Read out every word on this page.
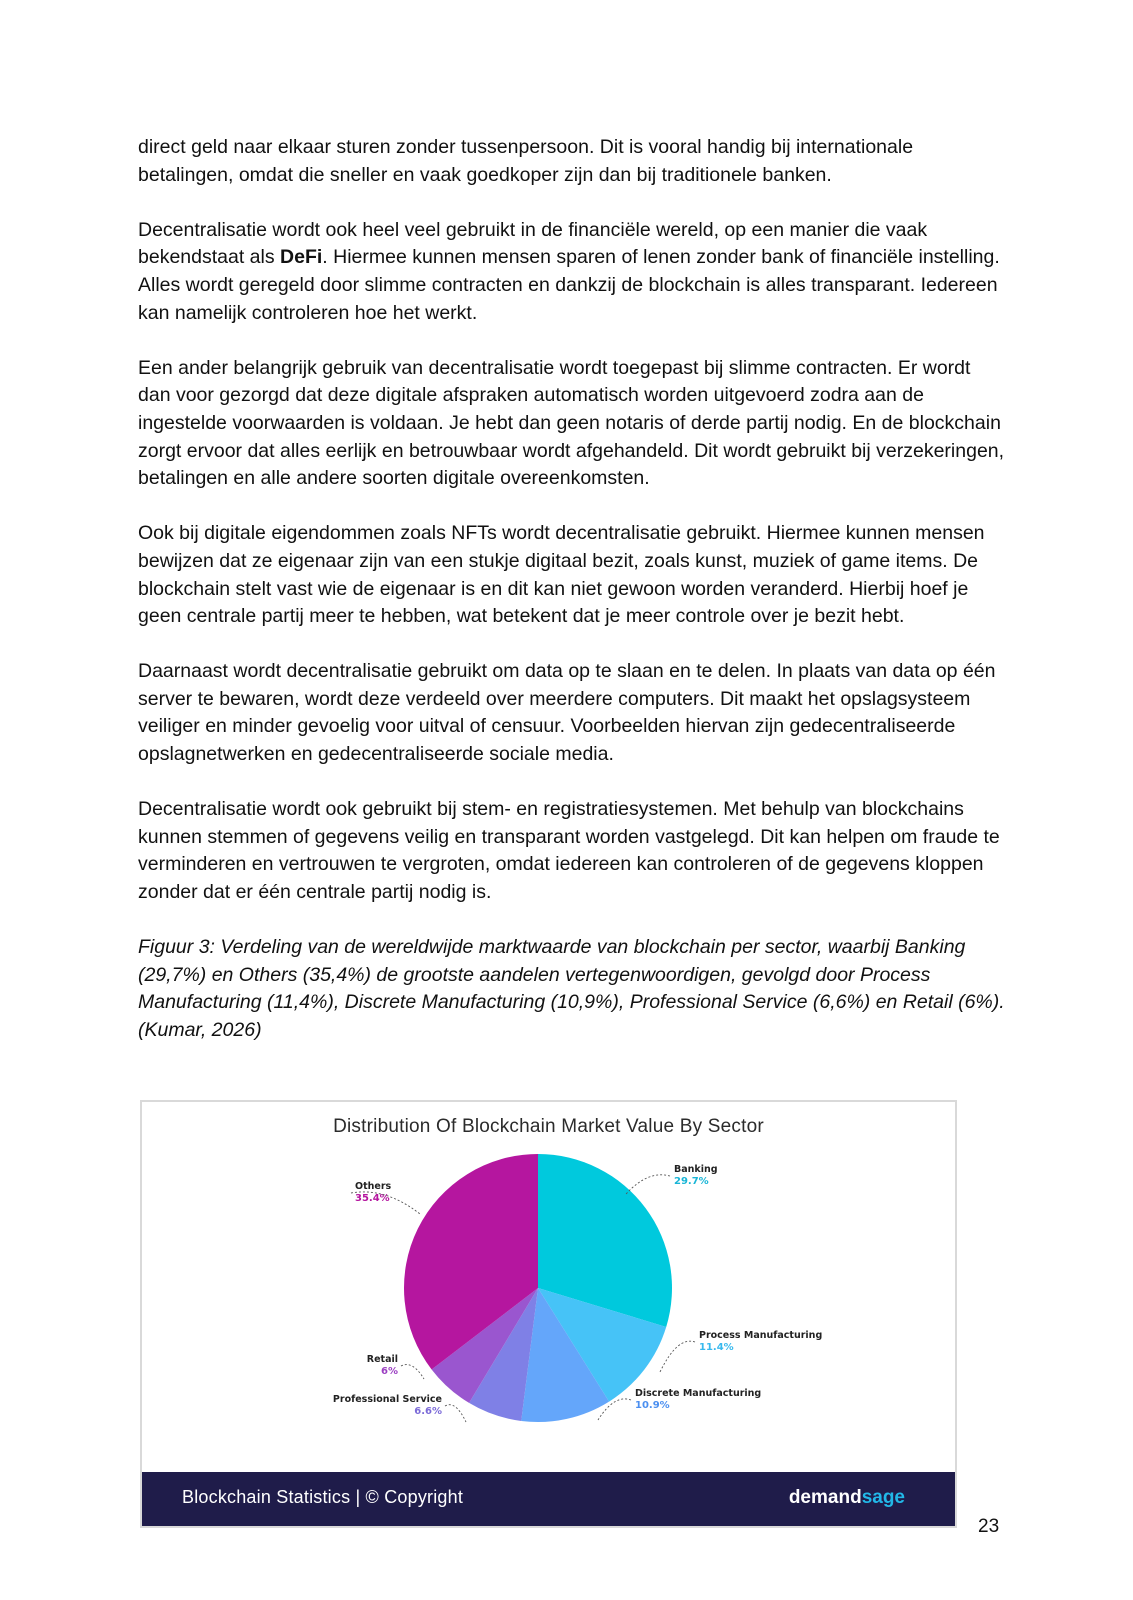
direct geld naar elkaar sturen zonder tussenpersoon. Dit is vooral handig bij internationale betalingen, omdat die sneller en vaak goedkoper zijn dan bij traditionele banken.

Decentralisatie wordt ook heel veel gebruikt in de financiële wereld, op een manier die vaak bekendstaat als DeFi. Hiermee kunnen mensen sparen of lenen zonder bank of financiële instelling. Alles wordt geregeld door slimme contracten en dankzij de blockchain is alles transparant. Iedereen kan namelijk controleren hoe het werkt.

Een ander belangrijk gebruik van decentralisatie wordt toegepast bij slimme contracten. Er wordt dan voor gezorgd dat deze digitale afspraken automatisch worden uitgevoerd zodra aan de ingestelde voorwaarden is voldaan. Je hebt dan geen notaris of derde partij nodig. En de blockchain zorgt ervoor dat alles eerlijk en betrouwbaar wordt afgehandeld. Dit wordt gebruikt bij verzekeringen, betalingen en alle andere soorten digitale overeenkomsten.

Ook bij digitale eigendommen zoals NFTs wordt decentralisatie gebruikt. Hiermee kunnen mensen bewijzen dat ze eigenaar zijn van een stukje digitaal bezit, zoals kunst, muziek of game items. De blockchain stelt vast wie de eigenaar is en dit kan niet gewoon worden veranderd. Hierbij hoef je geen centrale partij meer te hebben, wat betekent dat je meer controle over je bezit hebt.

Daarnaast wordt decentralisatie gebruikt om data op te slaan en te delen. In plaats van data op één server te bewaren, wordt deze verdeeld over meerdere computers. Dit maakt het opslagsysteem veiliger en minder gevoelig voor uitval of censuur. Voorbeelden hiervan zijn gedecentraliseerde opslagnetwerken en gedecentraliseerde sociale media.

Decentralisatie wordt ook gebruikt bij stem- en registratiesystemen. Met behulp van blockchains kunnen stemmen of gegevens veilig en transparant worden vastgelegd. Dit kan helpen om fraude te verminderen en vertrouwen te vergroten, omdat iedereen kan controleren of de gegevens kloppen zonder dat er één centrale partij nodig is.

Figuur 3: Verdeling van de wereldwijde marktwaarde van blockchain per sector, waarbij Banking (29,7%) en Others (35,4%) de grootste aandelen vertegenwoordigen, gevolgd door Process Manufacturing (11,4%), Discrete Manufacturing (10,9%), Professional Service (6,6%) en Retail (6%). (Kumar, 2026)

Distribution Of Blockchain Market Value By Sector
Banking
29.7%
Process Manufacturing
11.4%
Discrete Manufacturing
10.9%
Professional Service
6.6%
Retail
6%
Others
35.4%
Blockchain Statistics | © Copyright	demandsage
23
